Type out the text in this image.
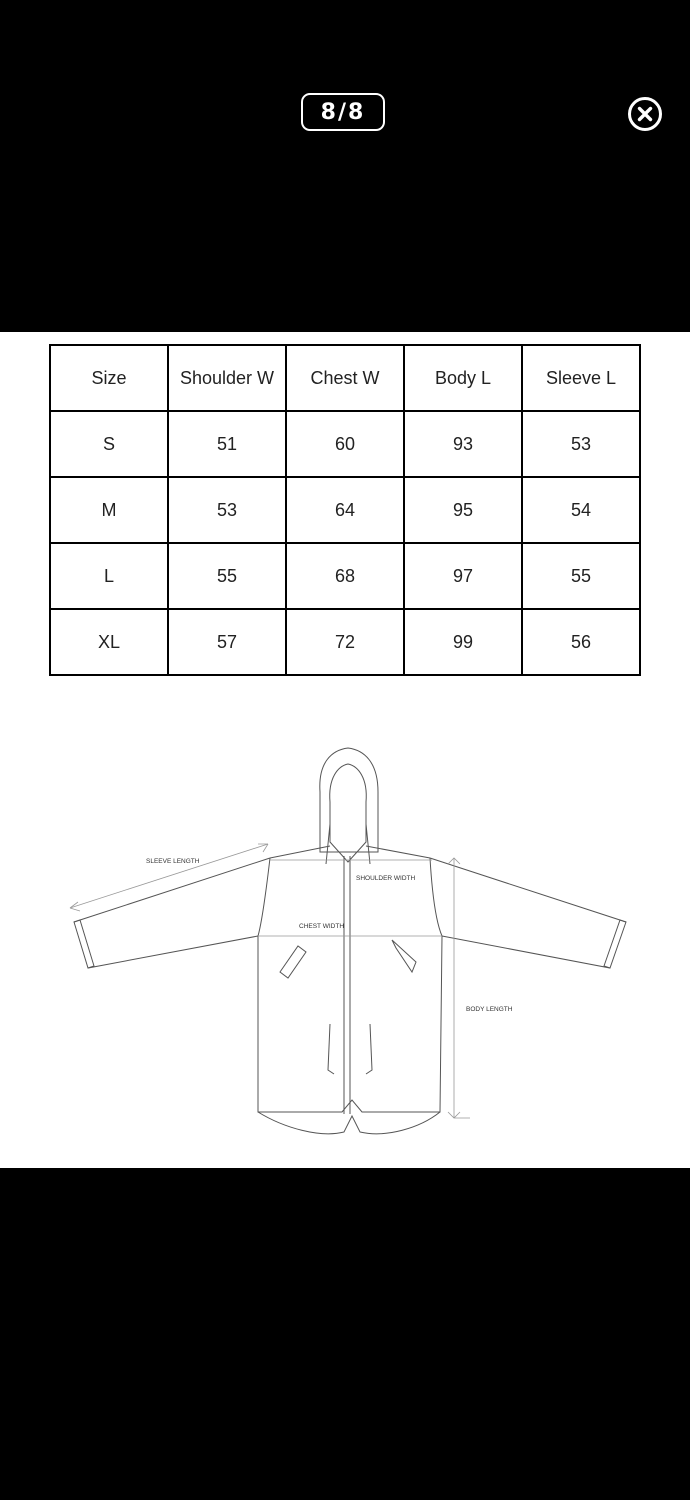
8/8
Size	Shoulder W	Chest W	Body L	Sleeve L
S	51	60	93	53
M	53	64	95	54
L	55	68	97	55
XL	57	72	99	56
SLEEVE LENGTH
SHOULDER WIDTH
CHEST WIDTH
BODY LENGTH
